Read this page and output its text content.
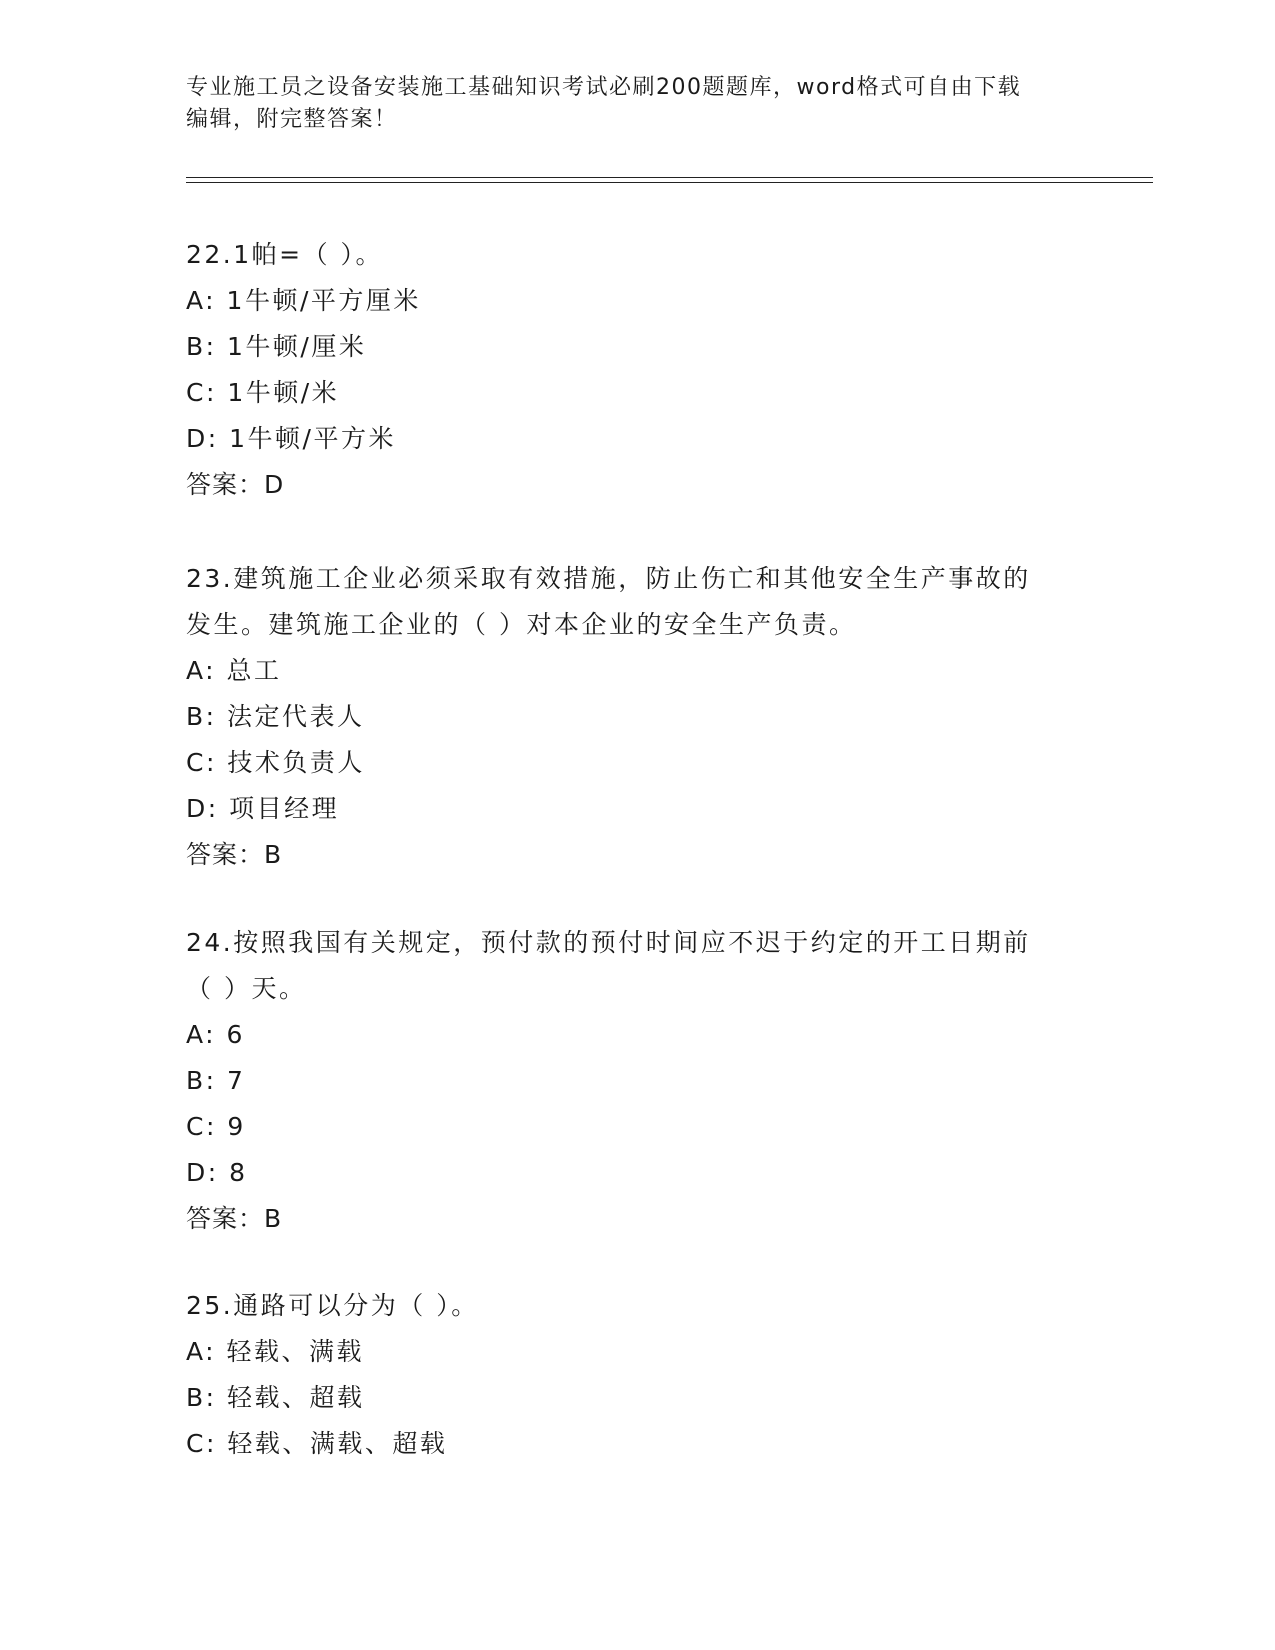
专业施工员之设备安装施工基础知识考试必刷200题题库，word格式可自由下载
编辑，附完整答案！
22.1帕=（ ）。
A: 1牛顿/平方厘米
B: 1牛顿/厘米
C: 1牛顿/米
D: 1牛顿/平方米
答案：D
23.建筑施工企业必须采取有效措施，防止伤亡和其他安全生产事故的
发生。建筑施工企业的（ ）对本企业的安全生产负责。
A: 总工
B: 法定代表人
C: 技术负责人
D: 项目经理
答案：B
24.按照我国有关规定，预付款的预付时间应不迟于约定的开工日期前
（ ）天。
A: 6
B: 7
C: 9
D: 8
答案：B
25.通路可以分为（ ）。
A: 轻载、满载
B: 轻载、超载
C: 轻载、满载、超载
